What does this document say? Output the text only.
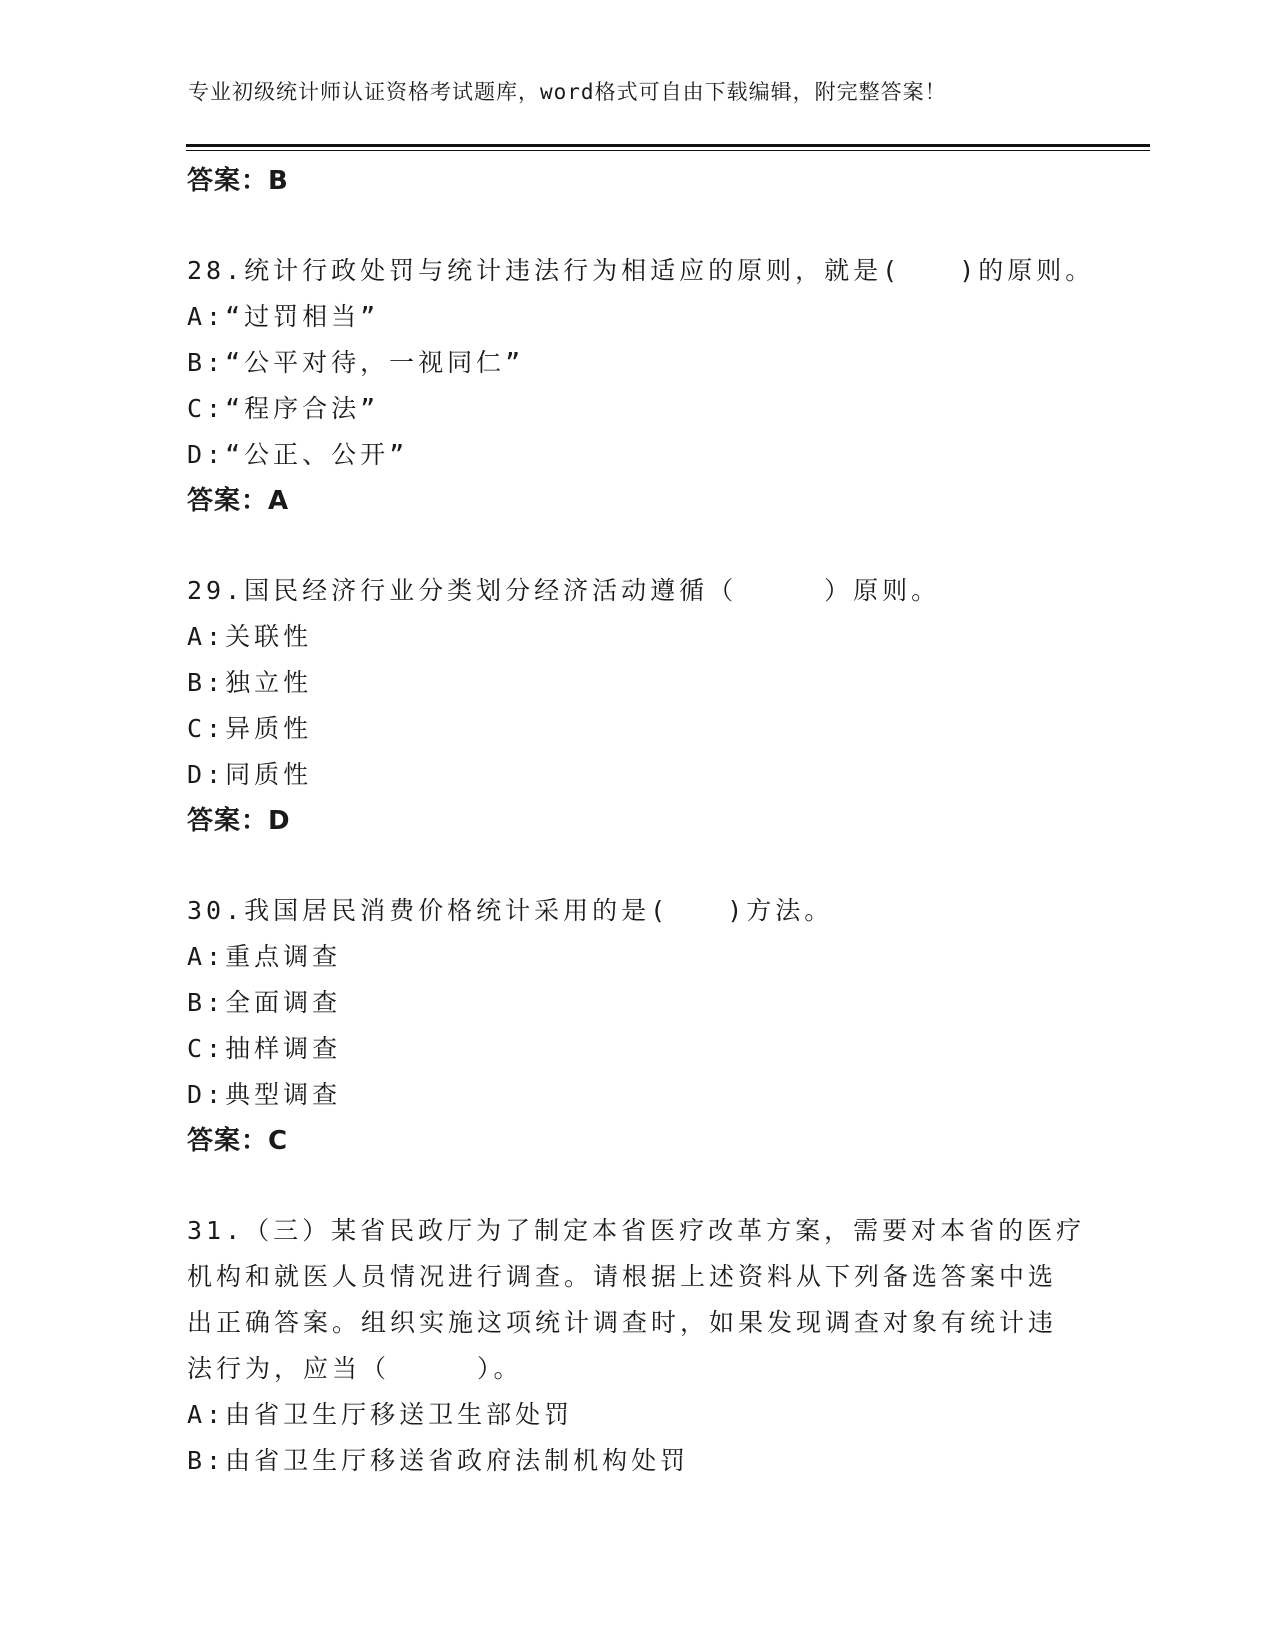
专业初级统计师认证资格考试题库，word格式可自由下载编辑，附完整答案！
答案：B
28.统计行政处罚与统计违法行为相适应的原则，就是(　　)的原则。
A:“过罚相当”
B:“公平对待，一视同仁”
C:“程序合法”
D:“公正、公开”
答案：A
29.国民经济行业分类划分经济活动遵循（　　　）原则。
A:关联性
B:独立性
C:异质性
D:同质性
答案：D
30.我国居民消费价格统计采用的是(　　)方法。
A:重点调查
B:全面调查
C:抽样调查
D:典型调查
答案：C
31.（三）某省民政厅为了制定本省医疗改革方案，需要对本省的医疗
机构和就医人员情况进行调查。请根据上述资料从下列备选答案中选
出正确答案。组织实施这项统计调查时，如果发现调查对象有统计违
法行为，应当（　　　）。
A:由省卫生厅移送卫生部处罚
B:由省卫生厅移送省政府法制机构处罚
